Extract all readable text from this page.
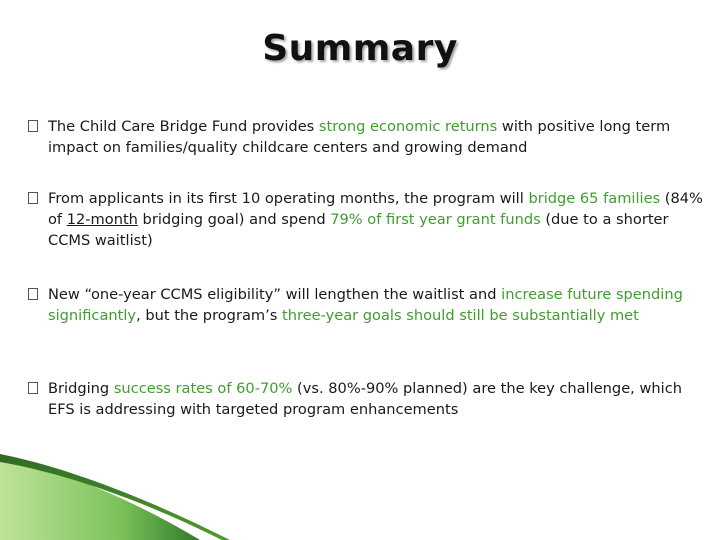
Summary
The Child Care Bridge Fund provides strong economic returns with positive long term impact on families/quality childcare centers and growing demand
From applicants in its first 10 operating months, the program will bridge 65 families (84% of 12-month bridging goal) and spend 79% of first year grant funds (due to a shorter CCMS waitlist)
New “one-year CCMS eligibility” will lengthen the waitlist and increase future spending significantly, but the program’s three-year goals should still be substantially met
Bridging success rates of 60-70% (vs. 80%-90% planned) are the key challenge, which EFS is addressing with targeted program enhancements
